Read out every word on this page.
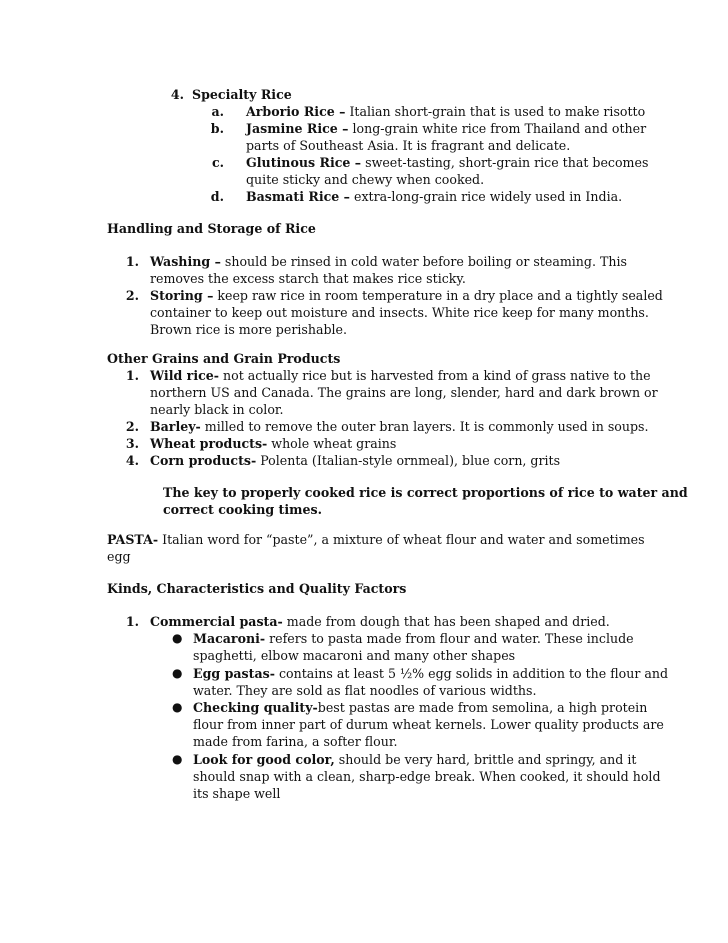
4. Specialty Rice
a. Arborio Rice – Italian short-grain that is used to make risotto
b. Jasmine Rice – long-grain white rice from Thailand and other
parts of Southeast Asia. It is fragrant and delicate.
c. Glutinous Rice – sweet-tasting, short-grain rice that becomes
quite sticky and chewy when cooked.
d. Basmati Rice – extra-long-grain rice widely used in India.
Handling and Storage of Rice
1. Washing – should be rinsed in cold water before boiling or steaming. This
removes the excess starch that makes rice sticky.
2. Storing – keep raw rice in room temperature in a dry place and a tightly sealed
container to keep out moisture and insects. White rice keep for many months.
Brown rice is more perishable.
Other Grains and Grain Products
1. Wild rice- not actually rice but is harvested from a kind of grass native to the
northern US and Canada. The grains are long, slender, hard and dark brown or
nearly black in color.
2. Barley- milled to remove the outer bran layers. It is commonly used in soups.
3. Wheat products- whole wheat grains
4. Corn products- Polenta (Italian-style ornmeal), blue corn, grits
The key to properly cooked rice is correct proportions of rice to water and
correct cooking times.
PASTA- Italian word for “paste”, a mixture of wheat flour and water and sometimes
egg
Kinds, Characteristics and Quality Factors
1. Commercial pasta- made from dough that has been shaped and dried.
● Macaroni- refers to pasta made from flour and water. These include
spaghetti, elbow macaroni and many other shapes
● Egg pastas- contains at least 5 ½% egg solids in addition to the flour and
water. They are sold as flat noodles of various widths.
● Checking quality-best pastas are made from semolina, a high protein
flour from inner part of durum wheat kernels. Lower quality products are
made from farina, a softer flour.
● Look for good color, should be very hard, brittle and springy, and it
should snap with a clean, sharp-edge break. When cooked, it should hold
its shape well
